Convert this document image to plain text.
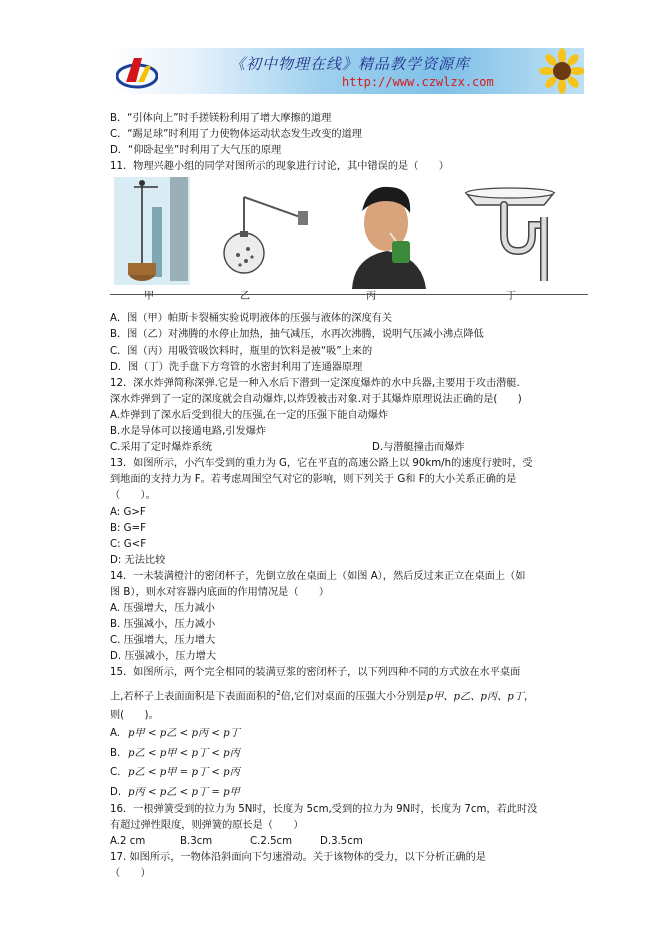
《初中物理在线》精品教学资源库
http://www.czwlzx.com
B．“引体向上”时手搓镁粉利用了增大摩擦的道理
C．“踢足球”时利用了力使物体运动状态发生改变的道理
D．“仰卧起坐”时利用了大气压的原理
11．物理兴趣小组的同学对图所示的现象进行讨论，其中错误的是（　　）
甲	乙	丙	丁
A．图（甲）帕斯卡裂桶实验说明液体的压强与液体的深度有关
B．图（乙）对沸腾的水停止加热，抽气减压，水再次沸腾，说明气压减小沸点降低
C．图（丙）用吸管吸饮料时，瓶里的饮料是被“吸”上来的
D．图（丁）洗手盘下方弯管的水密封利用了连通器原理
12．深水炸弹简称深弹.它是一种入水后下潜到一定深度爆炸的水中兵器,主要用于攻击潜艇.
深水炸弹到了一定的深度就会自动爆炸,以炸毁被击对象.对于其爆炸原理说法正确的是(　　)
A.炸弹到了深水后受到很大的压强,在一定的压强下能自动爆炸
B.水是导体可以接通电路,引发爆炸
C.采用了定时爆炸系统	D.与潜艇撞击而爆炸
13．如图所示，小汽车受到的重力为 G，它在平直的高速公路上以 90km/h的速度行驶时，受
到地面的支持力为 F。若考虑周围空气对它的影响，则下列关于 G和 F的大小关系正确的是
（　　）。
A: G>F
B: G=F
C: G<F
D: 无法比较
14．一未装满橙汁的密闭杯子，先倒立放在桌面上（如图 A），然后反过来正立在桌面上（如
图 B），则水对容器内底面的作用情况是（　　）
A. 压强增大，压力减小
B. 压强减小，压力减小
C. 压强增大，压力增大
D. 压强减小，压力增大
15．如图所示，两个完全相同的装满豆浆的密闭杯子，以下列四种不同的方式放在水平桌面
上,若杯子上表面面积是下表面面积的$^2$倍,它们对桌面的压强大小分别是p甲、p乙、p丙、p丁，
则(　　)。
A. p甲 < p乙 < p丙 < p丁
B. p乙 < p甲 < p丁 < p丙
C. p乙 < p甲 = p丁 < p丙
D. p丙 < p乙 < p丁 = p甲
16．一根弹簧受到的拉力为 5N时，长度为 5cm,受到的拉力为 9N时，长度为 7cm，若此时没
有超过弹性限度，则弹簧的原长是（　　）
A.2 cm	B.3cm	C.2.5cm	D.3.5cm
17. 如图所示，一物体沿斜面向下匀速滑动。关于该物体的受力，以下分析正确的是
（　　）
